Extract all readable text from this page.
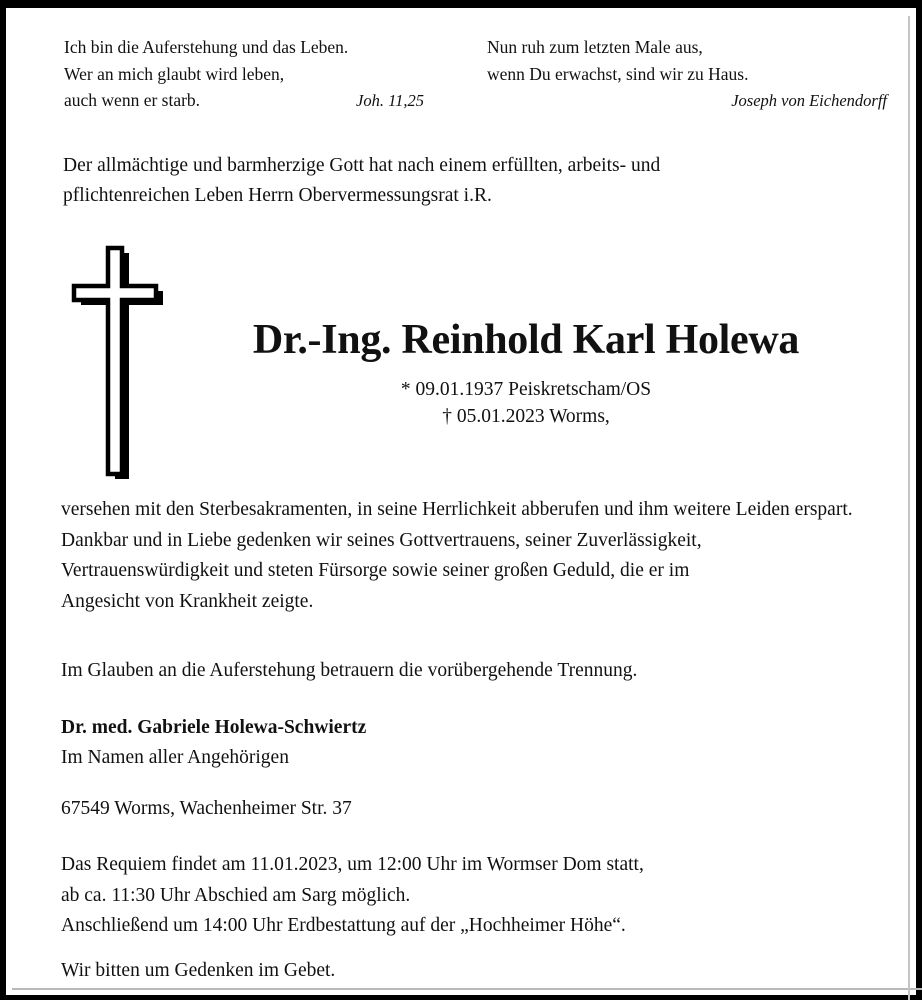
Ich bin die Auferstehung und das Leben.
Wer an mich glaubt wird leben,
auch wenn er starb.	Joh. 11,25
Nun ruh zum letzten Male aus,
wenn Du erwachst, sind wir zu Haus.
Joseph von Eichendorff
Der allmächtige und barmherzige Gott hat nach einem erfüllten, arbeits- und pflichtenreichen Leben Herrn Obervermessungsrat i.R.
Dr.-Ing. Reinhold Karl Holewa
* 09.01.1937 Peiskretscham/OS
† 05.01.2023 Worms,
versehen mit den Sterbesakramenten, in seine Herrlichkeit abberufen und ihm weitere Leiden erspart. Dankbar und in Liebe gedenken wir seines Gottvertrauens, seiner Zuverlässigkeit, Vertrauenswürdigkeit und steten Fürsorge sowie seiner großen Geduld, die er im Angesicht von Krankheit zeigte.
Im Glauben an die Auferstehung betrauern die vorübergehende Trennung.
Dr. med. Gabriele Holewa-Schwiertz
Im Namen aller Angehörigen
67549 Worms, Wachenheimer Str. 37
Das Requiem findet am 11.01.2023, um 12:00 Uhr im Wormser Dom statt,
ab ca. 11:30 Uhr Abschied am Sarg möglich.
Anschließend um 14:00 Uhr Erdbestattung auf der „Hochheimer Höhe“.
Wir bitten um Gedenken im Gebet.
